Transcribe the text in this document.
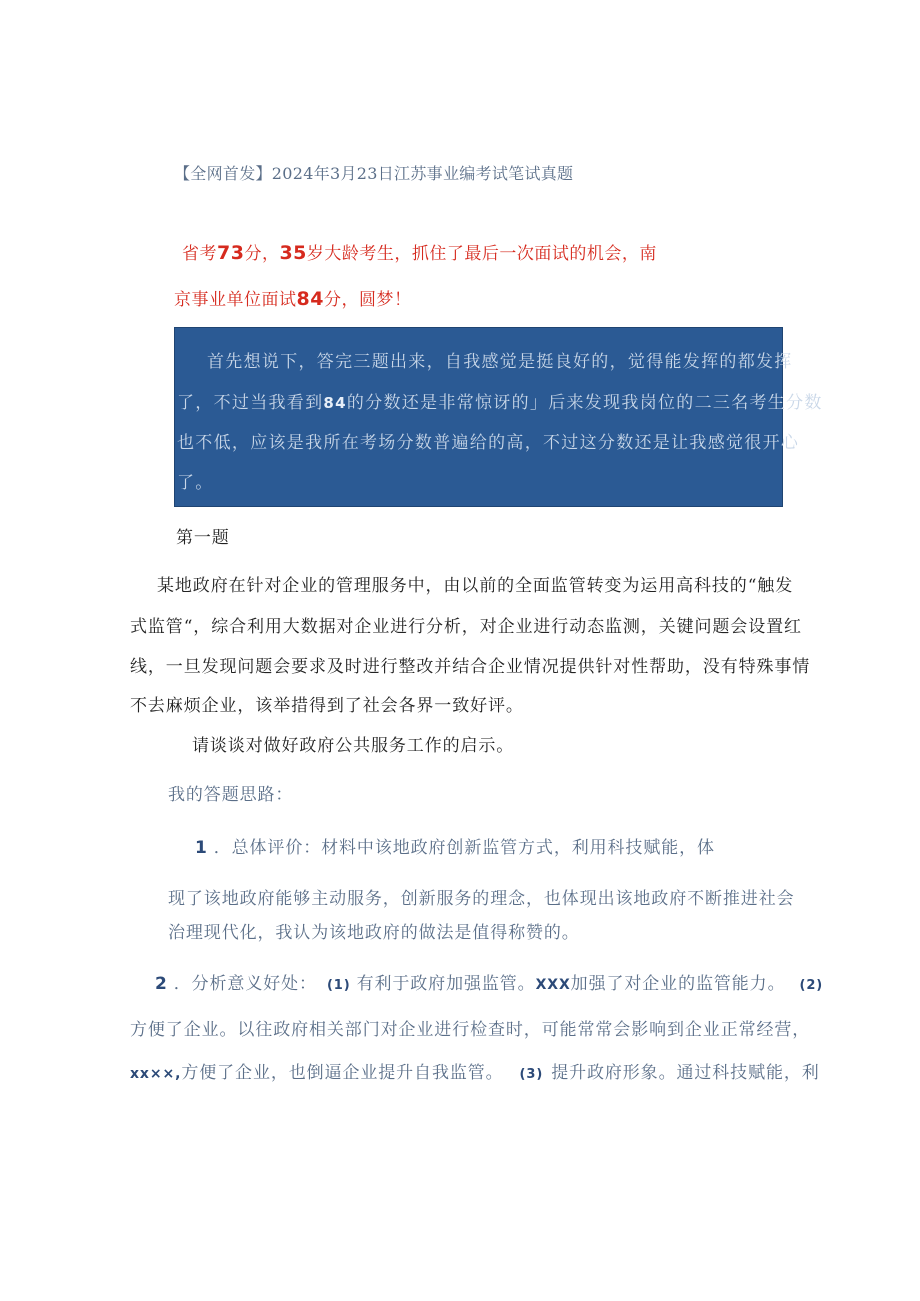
【全网首发】2024年3月23日江苏事业编考试笔试真题
省考73分，35岁大龄考生，抓住了最后一次面试的机会，南
京事业单位面试84分，圆梦！
首先想说下，答完三题出来，自我感觉是挺良好的，觉得能发挥的都发挥
了，不过当我看到84的分数还是非常惊讶的」后来发现我岗位的二三名考生分数
也不低，应该是我所在考场分数普遍给的高，不过这分数还是让我感觉很开心
了。
第一题
某地政府在针对企业的管理服务中，由以前的全面监管转变为运用高科技的“触发
式监管“，综合利用大数据对企业进行分析，对企业进行动态监测，关键问题会设置红
线，一旦发现问题会要求及时进行整改并结合企业情况提供针对性帮助，没有特殊事情
不去麻烦企业，该举措得到了社会各界一致好评。
请谈谈对做好政府公共服务工作的启示。
我的答题思路：
1 ．总体评价：材料中该地政府创新监管方式，利用科技赋能，体
现了该地政府能够主动服务，创新服务的理念，也体现出该地政府不断推进社会
治理现代化，我认为该地政府的做法是值得称赞的。
2 ．分析意义好处： (1) 有利于政府加强监管。XXX加强了对企业的监管能力。 (2)
方便了企业。以往政府相关部门对企业进行检查时，可能常常会影响到企业正常经营，
xx××,方便了企业，也倒逼企业提升自我监管。 (3) 提升政府形象。通过科技赋能，利
